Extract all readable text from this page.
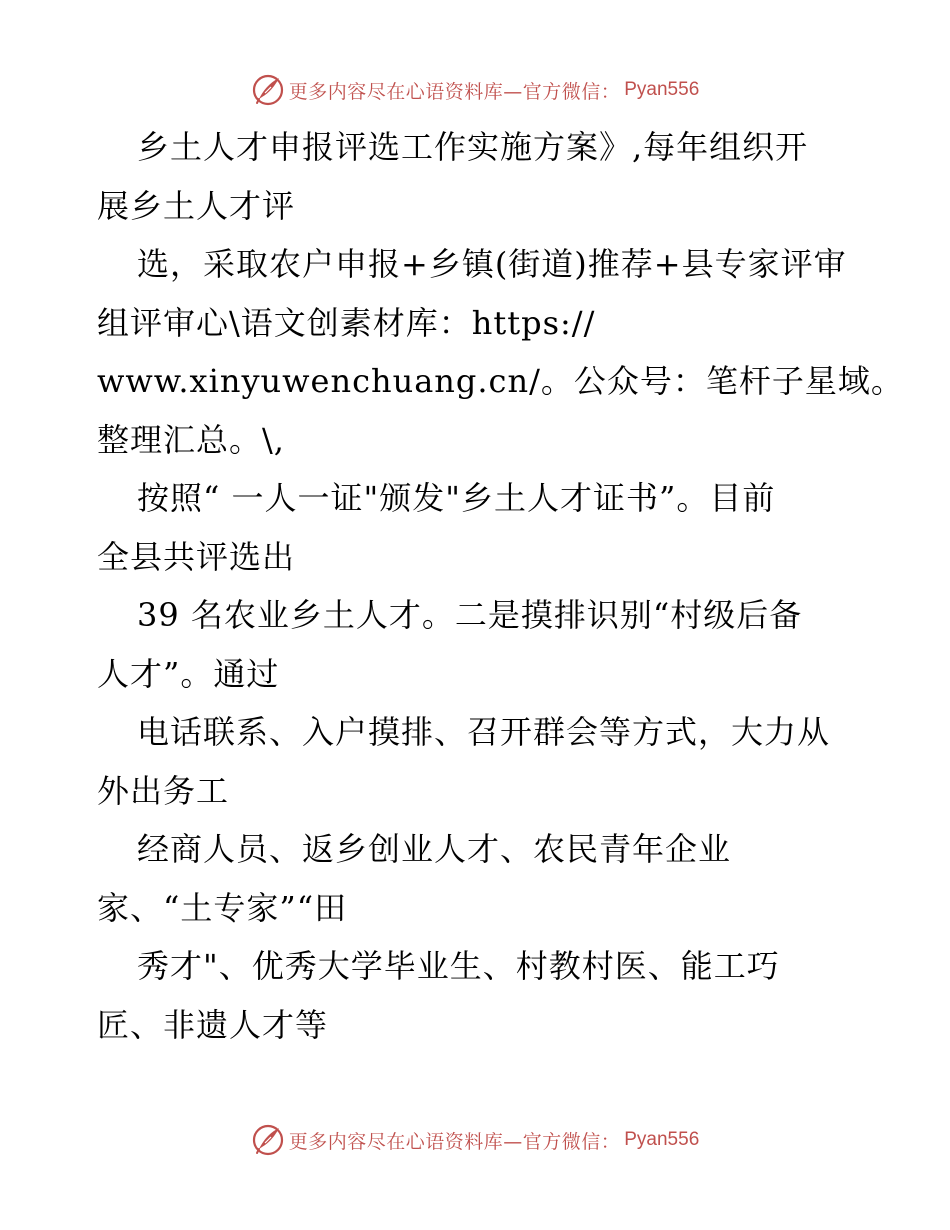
更多内容尽在心语资料库—官方微信： Pyan556
乡土人才申报评选工作实施方案》,每年组织开
展乡土人才评
选，采取农户申报+乡镇(街道)推荐+县专家评审
组评审心\语文创素材库：https://
www.xinyuwenchuang.cn/。公众号：笔杆子星域。
整理汇总。\,
按照“ 一人一证"颁发"乡土人才证书”。目前
全县共评选出
39 名农业乡土人才。二是摸排识别“村级后备
人才”。通过
电话联系、入户摸排、召开群会等方式，大力从
外出务工
经商人员、返乡创业人才、农民青年企业
家、“土专家”“田
秀才"、优秀大学毕业生、村教村医、能工巧
匠、非遗人才等
更多内容尽在心语资料库—官方微信： Pyan556
